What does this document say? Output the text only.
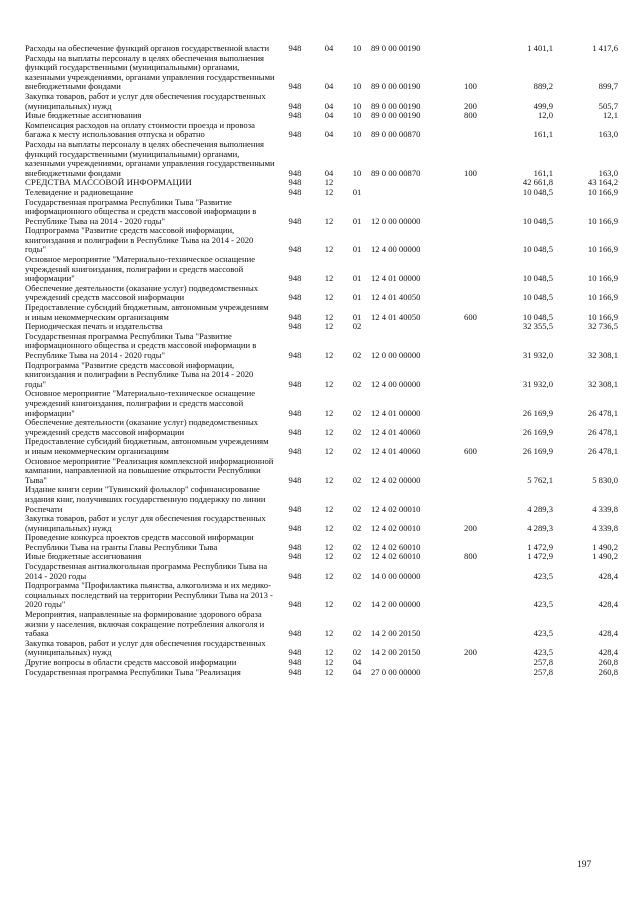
Расходы на обеспечение функций органов государственной власти	948	04	10	89 0 00 00190		1 401,1	1 417,6
Расходы на выплаты персоналу в целях обеспечения выполнения функций государственными (муниципальными) органами, казенными учреждениями, органами управления государственными внебюджетными фондами	948	04	10	89 0 00 00190	100	889,2	899,7
Закупка товаров, работ и услуг для обеспечения государственных (муниципальных) нужд	948	04	10	89 0 00 00190	200	499,9	505,7
Иные бюджетные ассигнования	948	04	10	89 0 00 00190	800	12,0	12,1
Компенсация расходов на оплату стоимости проезда и провоза багажа к месту использования отпуска и обратно	948	04	10	89 0 00 00870		161,1	163,0
Расходы на выплаты персоналу в целях обеспечения выполнения функций государственными (муниципальными) органами, казенными учреждениями, органами управления государственными внебюджетными фондами	948	04	10	89 0 00 00870	100	161,1	163,0
СРЕДСТВА МАССОВОЙ ИНФОРМАЦИИ	948	12				42 661,8	43 164,2
Телевидение и радиовещание	948	12	01			10 048,5	10 166,9
Государственная программа Республики Тыва "Развитие информационного общества и средств массовой информации в Республике Тыва на 2014 - 2020 годы"	948	12	01	12 0 00 00000		10 048,5	10 166,9
Подпрограмма "Развитие средств массовой информации, книгоиздания и полиграфии в Республике Тыва на 2014 - 2020 годы"	948	12	01	12 4 00 00000		10 048,5	10 166,9
Основное мероприятие "Материально-техническое оснащение учреждений книгоиздания, полиграфии и средств массовой информации"	948	12	01	12 4 01 00000		10 048,5	10 166,9
Обеспечение деятельности (оказание услуг) подведомственных учреждений средств массовой информации	948	12	01	12 4 01 40050		10 048,5	10 166,9
Предоставление субсидий бюджетным, автономным учреждениям и иным некоммерческим организациям	948	12	01	12 4 01 40050	600	10 048,5	10 166,9
Периодическая печать и издательства	948	12	02			32 355,5	32 736,5
Государственная программа Республики Тыва "Развитие информационного общества и средств массовой информации в Республике Тыва на 2014 - 2020 годы"	948	12	02	12 0 00 00000		31 932,0	32 308,1
Подпрограмма "Развитие средств массовой информации, книгоиздания и полиграфии в Республике Тыва на 2014 - 2020 годы"	948	12	02	12 4 00 00000		31 932,0	32 308,1
Основное мероприятие "Материально-техническое оснащение учреждений книгоиздания, полиграфии и средств массовой информации"	948	12	02	12 4 01 00000		26 169,9	26 478,1
Обеспечение деятельности (оказание услуг) подведомственных учреждений средств массовой информации	948	12	02	12 4 01 40060		26 169,9	26 478,1
Предоставление субсидий бюджетным, автономным учреждениям и иным некоммерческим организациям	948	12	02	12 4 01 40060	600	26 169,9	26 478,1
Основное мероприятие "Реализация комплексной информационной кампании, направленной на повышение открытости Республики Тыва"	948	12	02	12 4 02 00000		5 762,1	5 830,0
Издание книги серии "Тувинский фольклор" софинансирование издания книг, получивших государственную поддержку по линии Роспечати	948	12	02	12 4 02 00010		4 289,3	4 339,8
Закупка товаров, работ и услуг для обеспечения государственных (муниципальных) нужд	948	12	02	12 4 02 00010	200	4 289,3	4 339,8
Проведение конкурса проектов средств массовой информации Республики Тыва на гранты Главы Республики Тыва	948	12	02	12 4 02 60010		1 472,9	1 490,2
Иные бюджетные ассигнования	948	12	02	12 4 02 60010	800	1 472,9	1 490,2
Государственная антиалкогольная программа Республики Тыва на 2014 - 2020 годы	948	12	02	14 0 00 00000		423,5	428,4
Подпрограмма "Профилактика пьянства, алкоголизма и их медико-социальных последствий на территории Республики Тыва на 2013 - 2020 годы"	948	12	02	14 2 00 00000		423,5	428,4
Мероприятия, направленные на формирование здорового образа жизни у населения, включая сокращение потребления алкоголя и табака	948	12	02	14 2 00 20150		423,5	428,4
Закупка товаров, работ и услуг для обеспечения государственных (муниципальных) нужд	948	12	02	14 2 00 20150	200	423,5	428,4
Другие вопросы в области средств массовой информации	948	12	04			257,8	260,8
Государственная программа Республики Тыва "Реализация	948	12	04	27 0 00 00000		257,8	260,8
197
